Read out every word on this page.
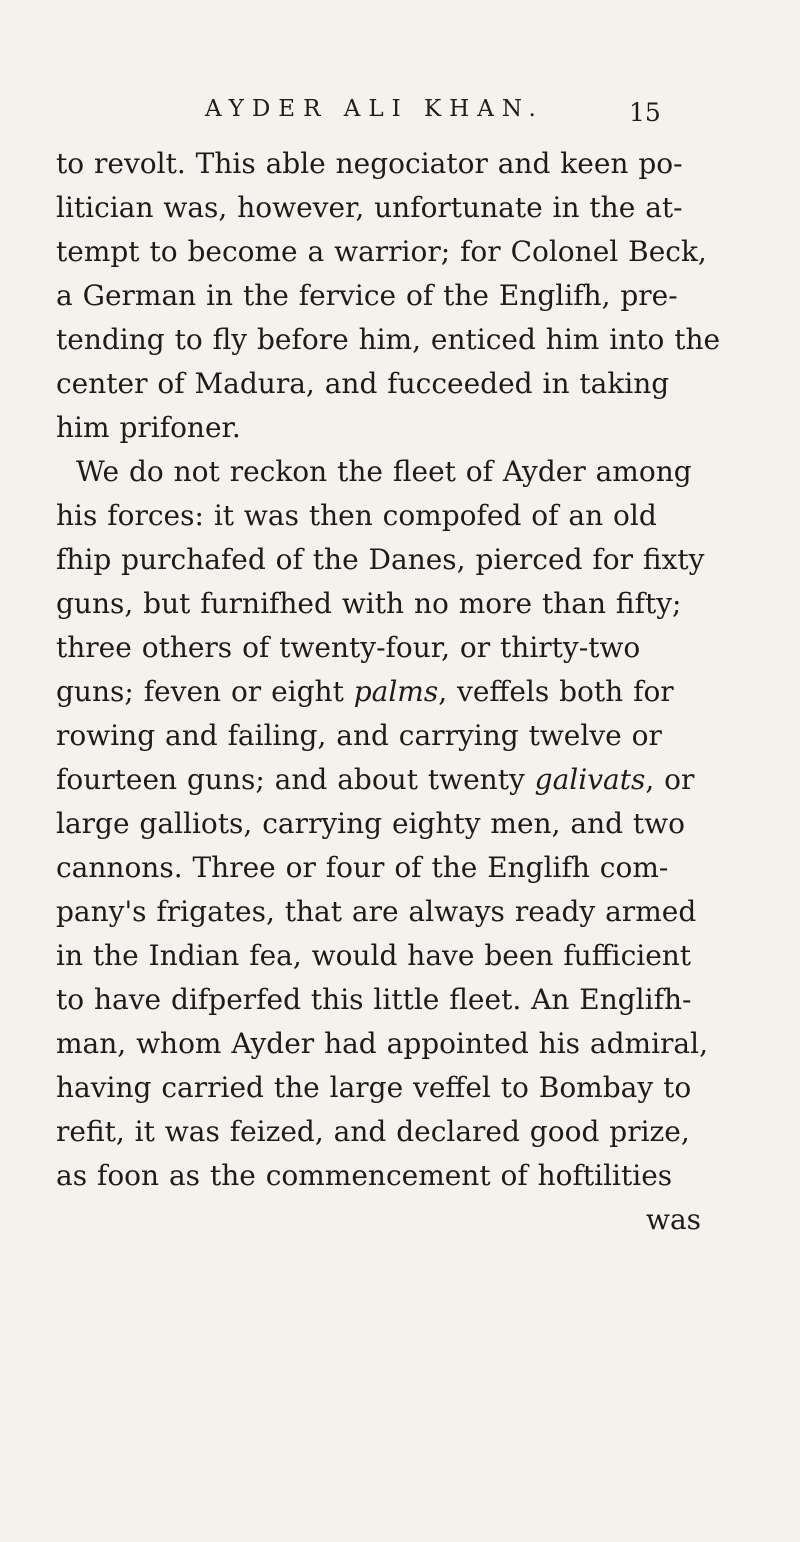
AYDER ALI KHAN.	15
to revolt. This able negociator and keen po-
litician was, however, unfortunate in the at-
tempt to become a warrior; for Colonel Beck,
a German in the fervice of the Englifh, pre-
tending to fly before him, enticed him into the
center of Madura, and fucceeded in taking
him prifoner.
We do not reckon the fleet of Ayder among
his forces: it was then compofed of an old
fhip purchafed of the Danes, pierced for fixty
guns, but furnifhed with no more than fifty;
three others of twenty-four, or thirty-two
guns; feven or eight palms, veffels both for
rowing and failing, and carrying twelve or
fourteen guns; and about twenty galivats, or
large galliots, carrying eighty men, and two
cannons. Three or four of the Englifh com-
pany's frigates, that are always ready armed
in the Indian fea, would have been fufficient
to have difperfed this little fleet. An Englifh-
man, whom Ayder had appointed his admiral,
having carried the large veffel to Bombay to
refit, it was feized, and declared good prize,
as foon as the commencement of hoftilities
was
